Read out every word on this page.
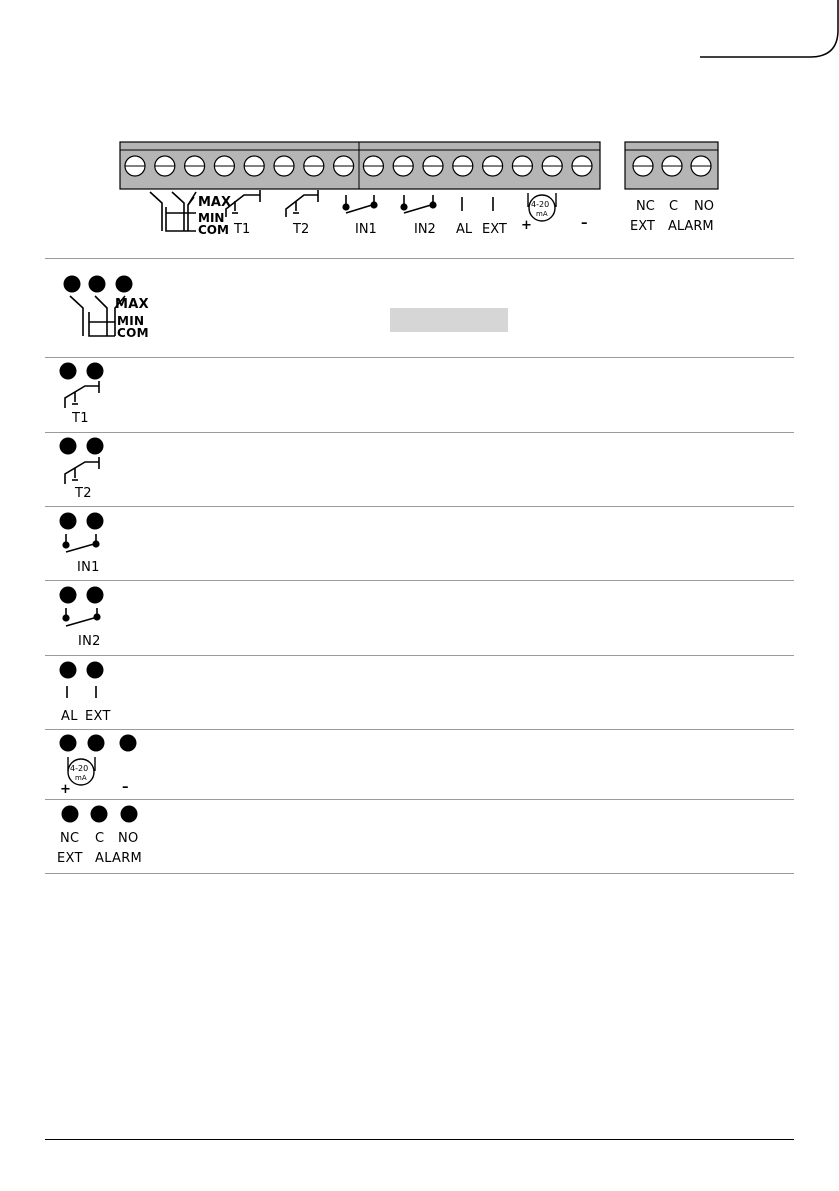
MAX
MIN
COM T1	T2	IN1	IN2 AL EXT
4-20
mA
+	–
NC C NO
EXT ALARM
MAX
MIN
COM
T1
T2
IN1
IN2
AL EXT
4-20
mA
+	–
NC C NO
EXT ALARM
